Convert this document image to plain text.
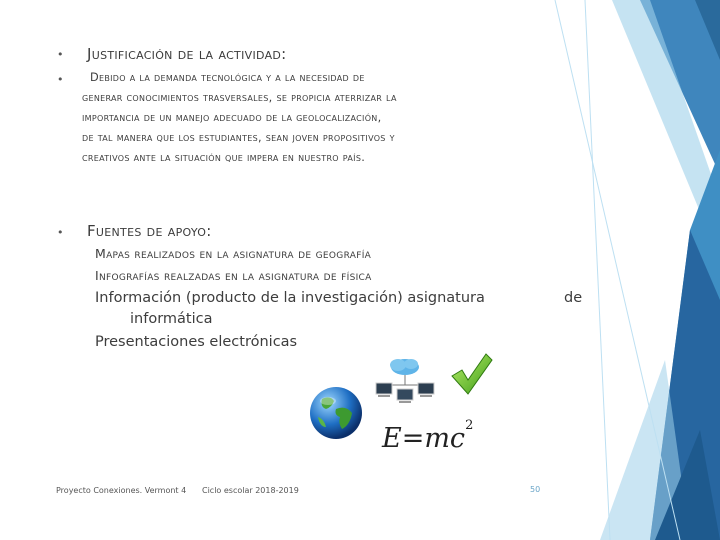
• Justificación de la actividad:
•	Debido a la demanda tecnológica y a la necesidad de
generar conocimientos trasversales, se propicia aterrizar la
importancia de un manejo adecuado de la geolocalización,
de tal manera que los estudiantes, sean joven propositivos y
creativos ante la situación que impera en nuestro país.
• Fuentes de apoyo:
Mapas realizados en la asignatura de geografía
Infografías realzadas en la asignatura de física
Información (producto de la investigación) asignatura	de
informática
Presentaciones electrónicas
$E=mc^2$
Proyecto Conexiones. Vermont 4 Ciclo escolar 2018-2019	50
